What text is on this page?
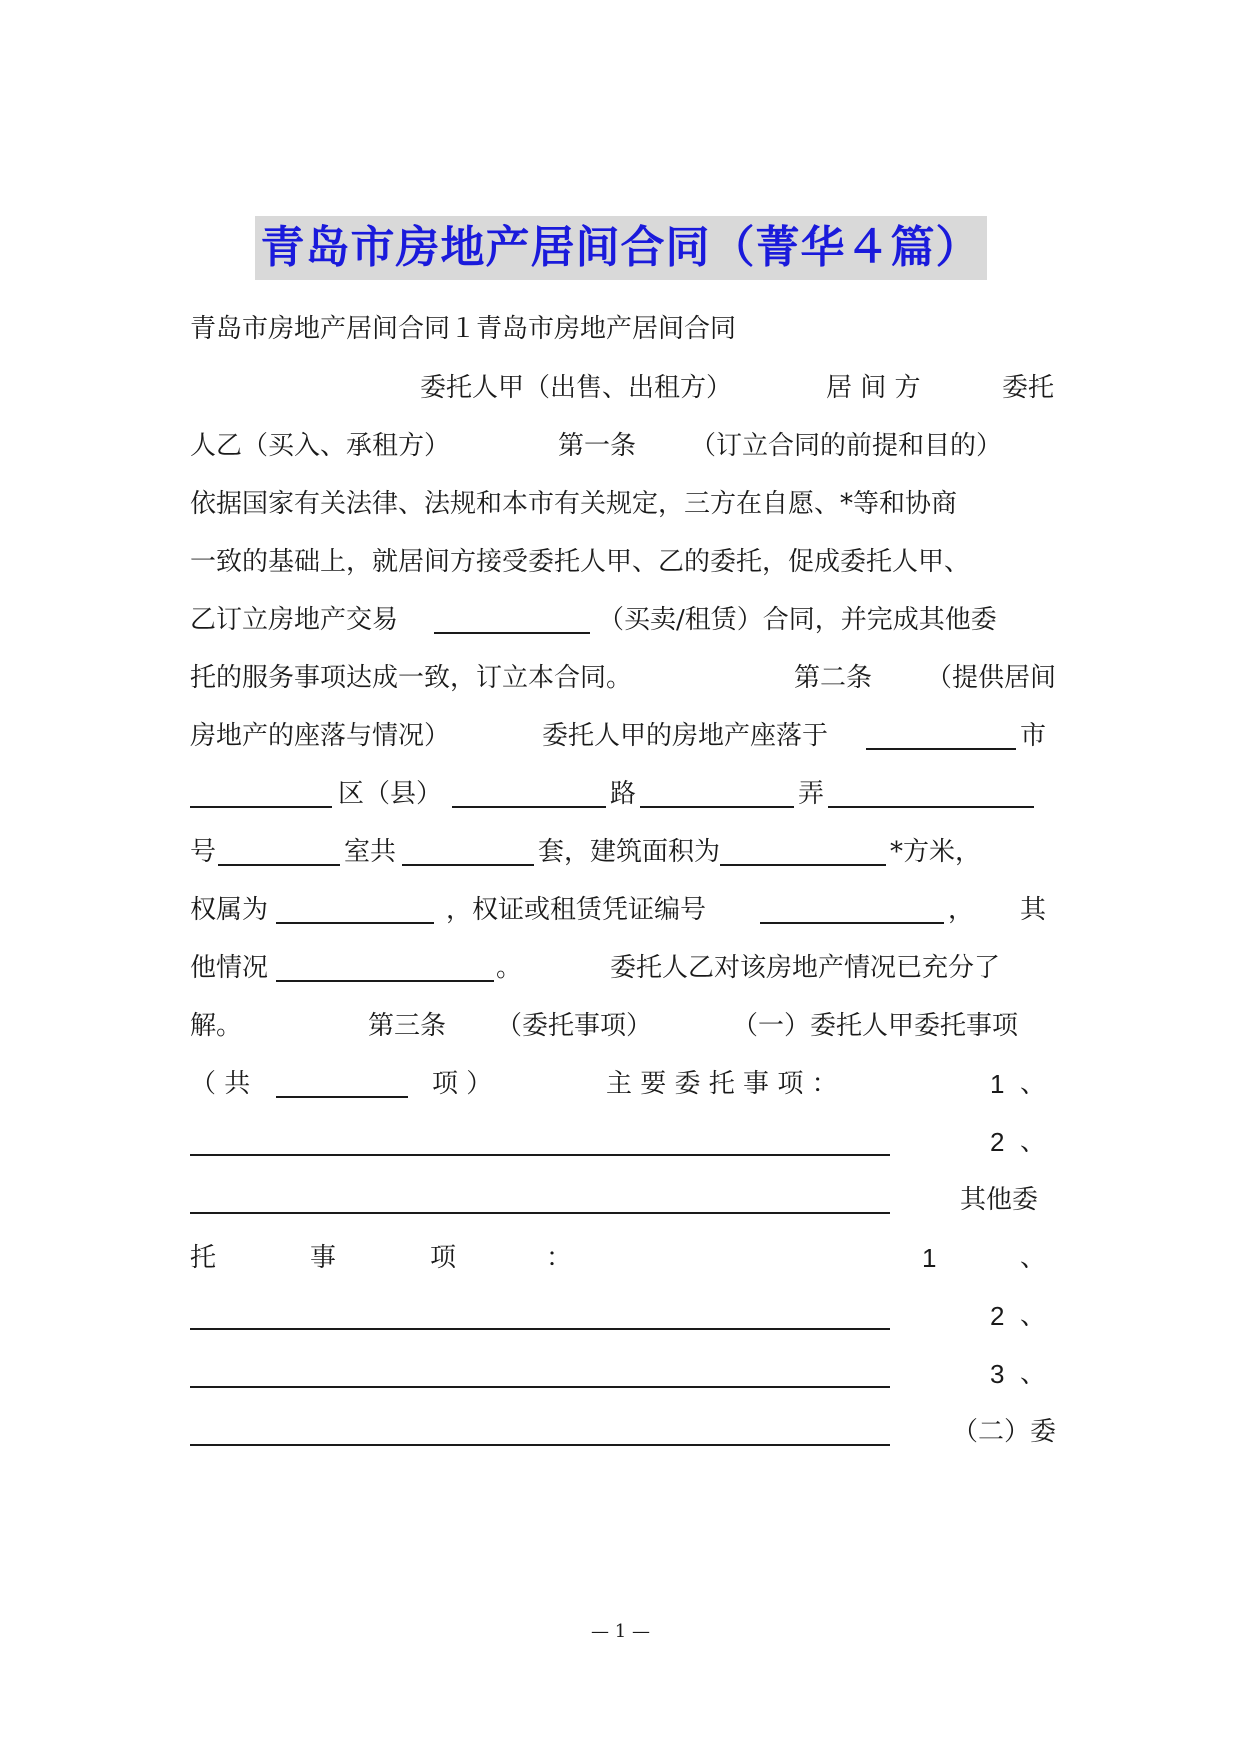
青岛市房地产居间合同（菁华４篇）
青岛市房地产居间合同１青岛市房地产居间合同
委托人甲（出售、出租方）	居 间 方	委托
人乙（买入、承租方）	第一条 （订立合同的前提和目的）
依据国家有关法律、法规和本市有关规定，三方在自愿、*等和协商
一致的基础上，就居间方接受委托人甲、乙的委托，促成委托人甲、
乙订立房地产交易	（买卖/租赁）合同，并完成其他委
托的服务事项达成一致，订立本合同。	第二条 （提供居间
房地产的座落与情况）	委托人甲的房地产座落于	市
区（县）	路	弄
号	室共	套，建筑面积为	*方米，
权属为	，权证或租赁凭证编号	， 其
他情况	。	委托人乙对该房地产情况已充分了
解。	第三条 （委托事项）	（一）委托人甲委托事项
（ 共	项 ）	主 要 委 托 事 项 ：	1 、
2 、
其他委
托	事	项	：	1	、
2 、
3 、
（二）委
— 1 —
